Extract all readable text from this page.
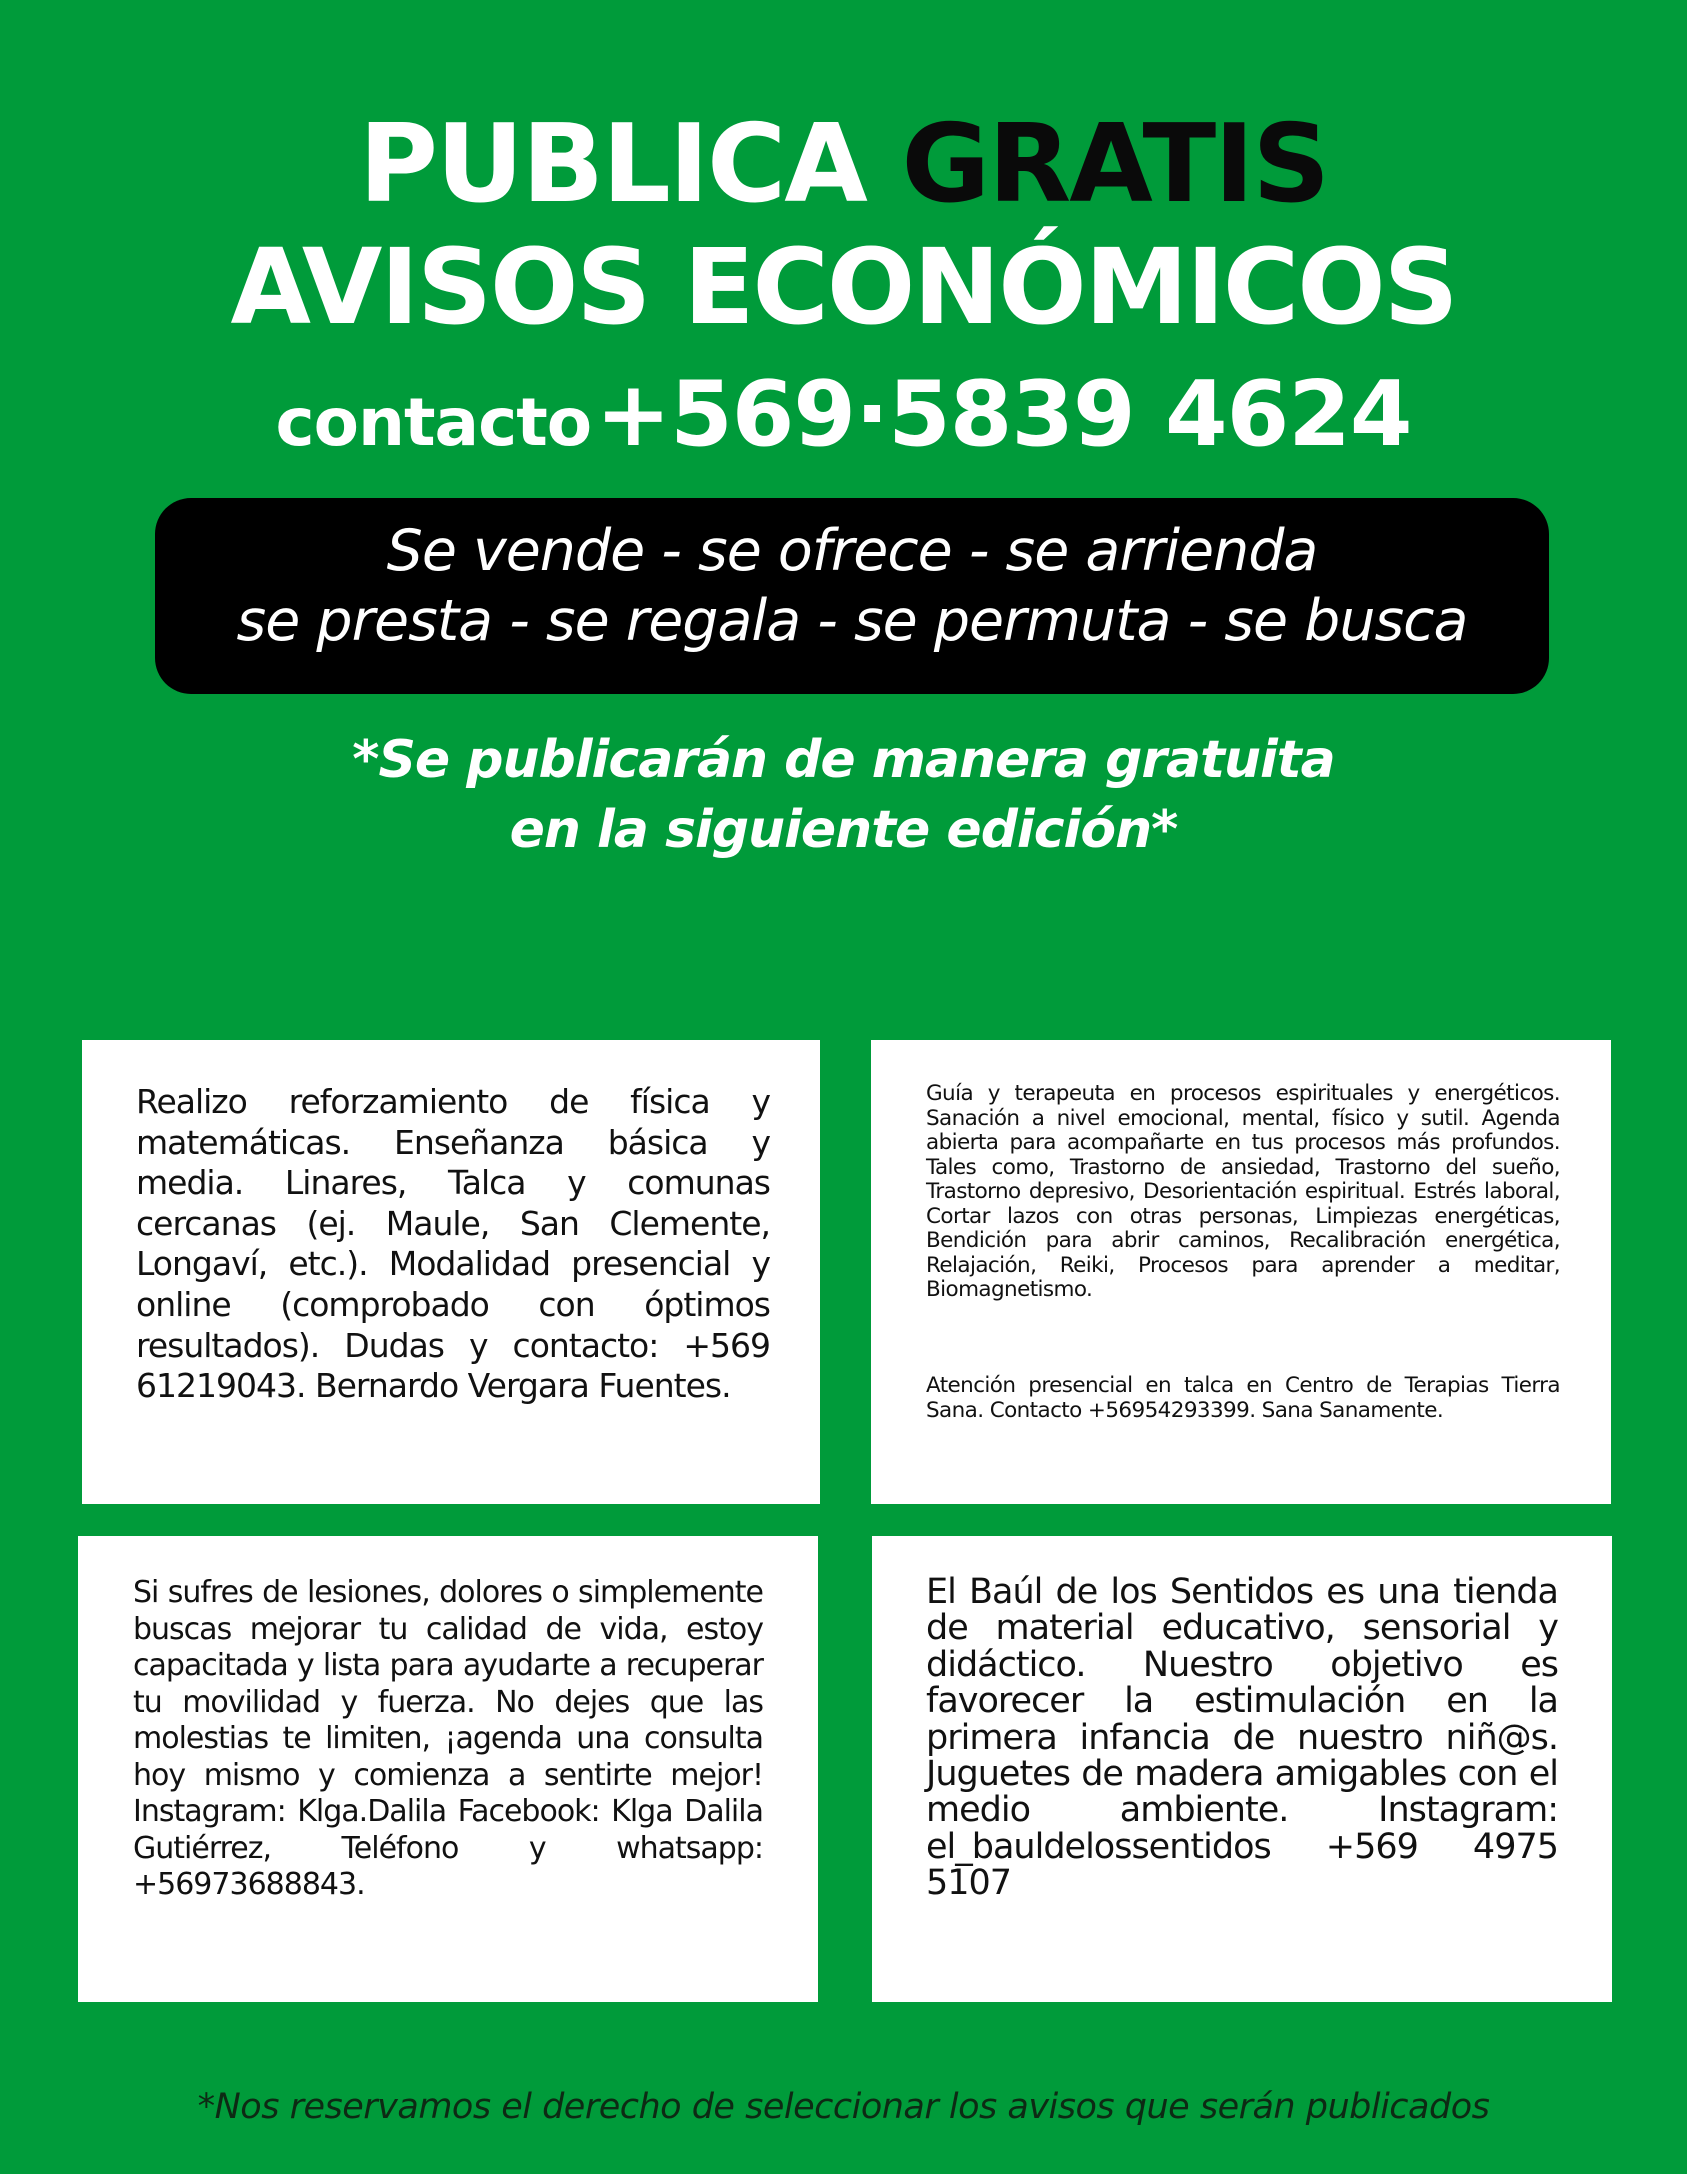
PUBLICA GRATIS
AVISOS ECONÓMICOS
contacto +569·5839 4624
Se vende - se ofrece - se arrienda
se presta - se regala - se permuta - se busca
*Se publicarán de manera gratuita
en la siguiente edición*

Realizo reforzamiento de física y matemáticas. Enseñanza básica y media. Linares, Talca y comunas cercanas (ej. Maule, San Clemente, Longaví, etc.). Modalidad presencial y online (comprobado con óptimos resultados). Dudas y contacto: +569 61219043. Bernardo Vergara Fuentes.

Guía y terapeuta en procesos espirituales y energéticos. Sanación a nivel emocional, mental, físico y sutil. Agenda abierta para acompañarte en tus procesos más profundos. Tales como, Trastorno de ansiedad, Trastorno del sueño, Trastorno depresivo, Desorientación espiritual. Estrés laboral, Cortar lazos con otras personas, Limpiezas energéticas, Bendición para abrir caminos, Recalibración energética, Relajación, Reiki, Procesos para aprender a meditar, Biomagnetismo.

Atención presencial en talca en Centro de Terapias Tierra Sana. Contacto +56954293399. Sana Sanamente.

Si sufres de lesiones, dolores o simplemente buscas mejorar tu calidad de vida, estoy capacitada y lista para ayudarte a recuperar tu movilidad y fuerza. No dejes que las molestias te limiten, ¡agenda una consulta hoy mismo y comienza a sentirte mejor! Instagram: Klga.Dalila Facebook: Klga Dalila Gutiérrez, Teléfono y whatsapp: +56973688843.

El Baúl de los Sentidos es una tienda de material educativo, sensorial y didáctico. Nuestro objetivo es favorecer la estimulación en la primera infancia de nuestro niñ@s. Juguetes de madera amigables con el medio ambiente. Instagram: el_bauldelossentidos +569 4975 5107

*Nos reservamos el derecho de seleccionar los avisos que serán publicados
